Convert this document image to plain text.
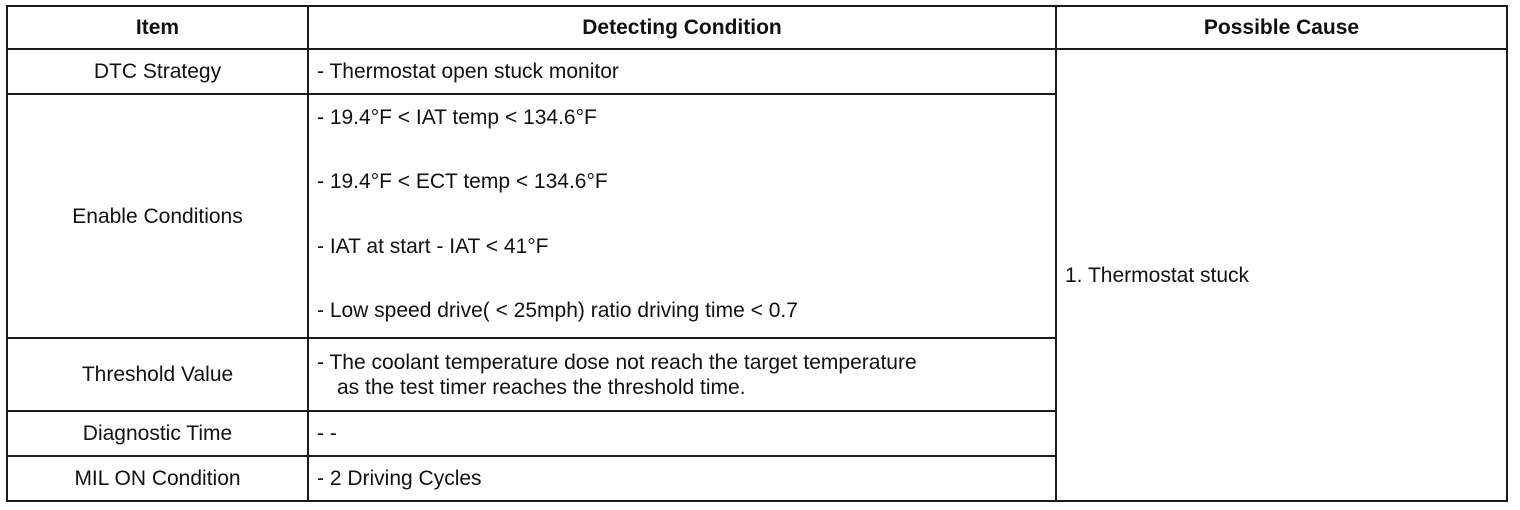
Item	Detecting Condition	Possible Cause
DTC Strategy	- Thermostat open stuck monitor	1. Thermostat stuck
Enable Conditions	- 19.4°F < IAT temp < 134.6°F
- 19.4°F < ECT temp < 134.6°F
- IAT at start - IAT < 41°F
- Low speed drive( < 25mph) ratio driving time < 0.7	

Threshold Value	- The coolant temperature dose not reach the target temperature
as the test timer reaches the threshold time.	

Diagnostic Time	- -	
MIL ON Condition	- 2 Driving Cycles	
